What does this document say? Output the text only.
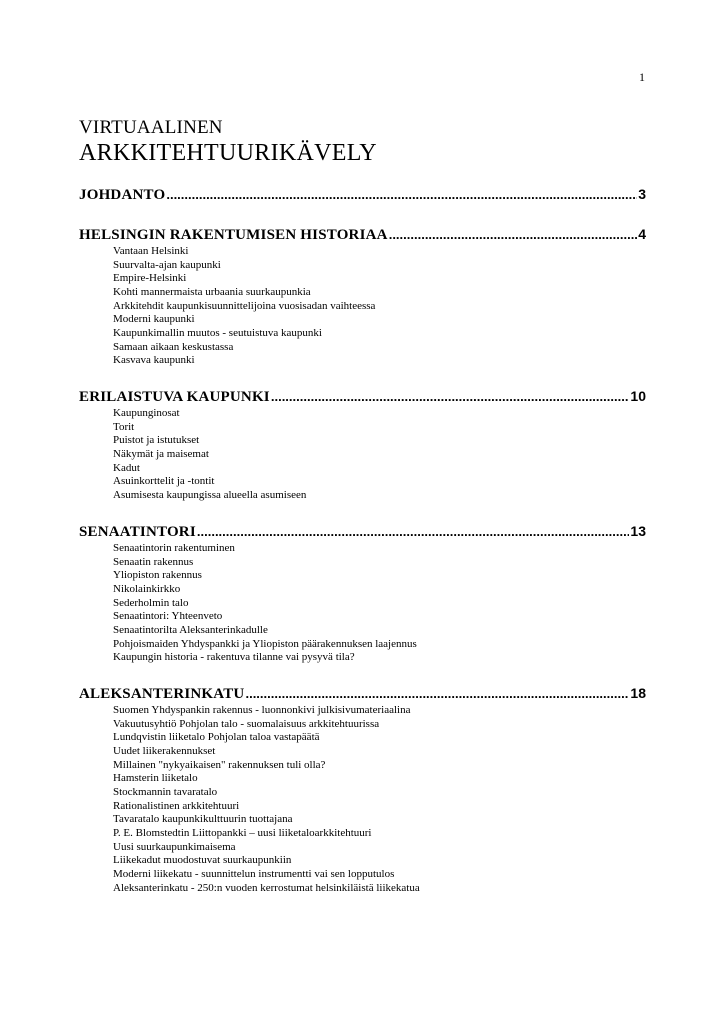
1
VIRTUAALINEN
ARKKITEHTUURIKÄVELY
JOHDANTO .....	3
HELSINGIN RAKENTUMISEN HISTORIAA .....	4
Vantaan Helsinki
Suurvalta-ajan kaupunki
Empire-Helsinki
Kohti mannermaista urbaania suurkaupunkia
Arkkitehdit kaupunkisuunnittelijoina vuosisadan vaihteessa
Moderni kaupunki
Kaupunkimallin muutos - seutuistuva kaupunki
Samaan aikaan keskustassa
Kasvava kaupunki
ERILAISTUVA KAUPUNKI .....	10
Kaupunginosat
Torit
Puistot ja istutukset
Näkymät ja maisemat
Kadut
Asuinkorttelit ja -tontit
Asumisesta kaupungissa alueella asumiseen
SENAATINTORI .....	13
Senaatintorin rakentuminen
Senaatin rakennus
Yliopiston rakennus
Nikolainkirkko
Sederholmin talo
Senaatintori: Yhteenveto
Senaatintorilta Aleksanterinkadulle
Pohjoismaiden Yhdyspankki ja Yliopiston päärakennuksen laajennus
Kaupungin historia - rakentuva tilanne vai pysyvä tila?
ALEKSANTERINKATU .....	18
Suomen Yhdyspankin rakennus - luonnonkivi julkisivumateriaalina
Vakuutusyhtiö Pohjolan talo - suomalaisuus arkkitehtuurissa
Lundqvistin liiketalo Pohjolan taloa vastapäätä
Uudet liikerakennukset
Millainen "nykyaikaisen" rakennuksen tuli olla?
Hamsterin liiketalo
Stockmannin tavaratalo
Rationalistinen arkkitehtuuri
Tavaratalo kaupunkikulttuurin tuottajana
P. E. Blomstedtin Liittopankki – uusi liiketaloarkkitehtuuri
Uusi suurkaupunkimaisema
Liikekadut muodostuvat suurkaupunkiin
Moderni liikekatu - suunnittelun instrumentti vai sen lopputulos
Aleksanterinkatu - 250:n vuoden kerrostumat helsinkiläistä liikekatua
